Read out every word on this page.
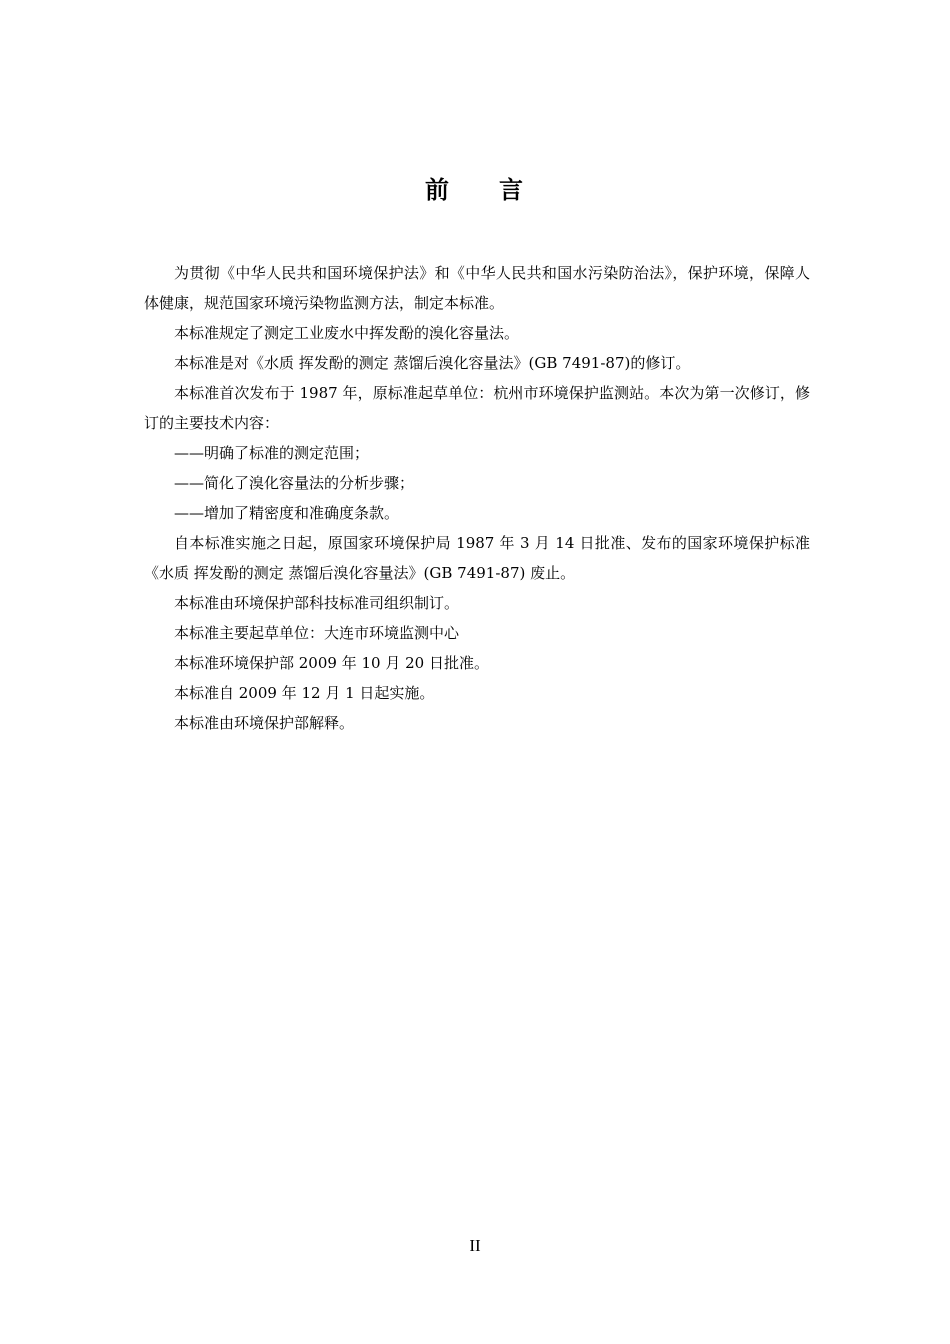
前 言

为贯彻《中华人民共和国环境保护法》和《中华人民共和国水污染防治法》，保护环境，保障人体健康，规范国家环境污染物监测方法，制定本标准。

本标准规定了测定工业废水中挥发酚的溴化容量法。

本标准是对《水质 挥发酚的测定 蒸馏后溴化容量法》(GB 7491-87)的修订。

本标准首次发布于 1987 年，原标准起草单位：杭州市环境保护监测站。本次为第一次修订，修订的主要技术内容：

——明确了标准的测定范围；

——简化了溴化容量法的分析步骤；

——增加了精密度和准确度条款。

自本标准实施之日起，原国家环境保护局 1987 年 3 月 14 日批准、发布的国家环境保护标准《水质 挥发酚的测定 蒸馏后溴化容量法》(GB 7491-87) 废止。

本标准由环境保护部科技标准司组织制订。

本标准主要起草单位：大连市环境监测中心

本标准环境保护部 2009 年 10 月 20 日批准。

本标准自 2009 年 12 月 1 日起实施。

本标准由环境保护部解释。

II
